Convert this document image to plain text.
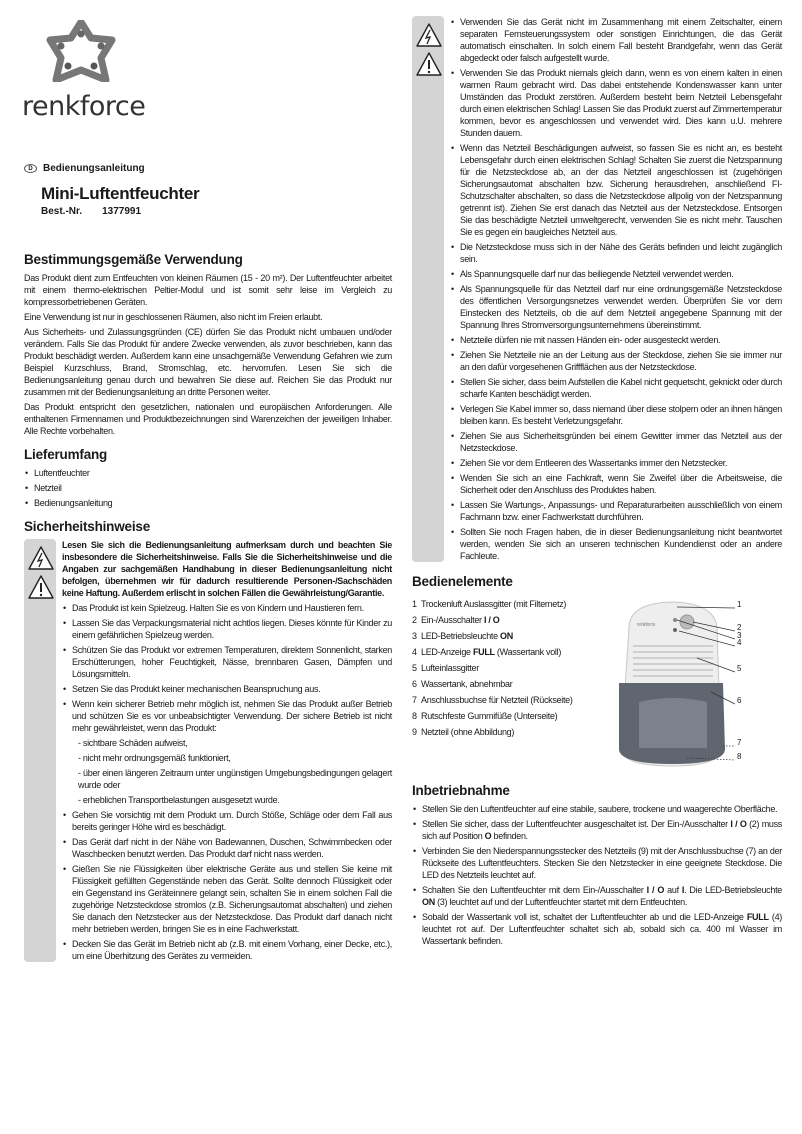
renkforce
D	Bedienungsanleitung
Mini-Luftentfeuchter
Best.-Nr. 1377991
Bestimmungsgemäße Verwendung

Das Produkt dient zum Entfeuchten von kleinen Räumen (15 - 20 m²). Der Luftentfeuchter arbeitet mit einem thermo-elektrischen Peltier-Modul und ist somit sehr leise im Vergleich zu kompressorbetriebenen Geräten.

Eine Verwendung ist nur in geschlossenen Räumen, also nicht im Freien erlaubt.

Aus Sicherheits- und Zulassungsgründen (CE) dürfen Sie das Produkt nicht umbauen und/oder verändern. Falls Sie das Produkt für andere Zwecke verwenden, als zuvor beschrieben, kann das Produkt beschädigt werden. Außerdem kann eine unsachgemäße Verwendung Gefahren wie zum Beispiel Kurzschluss, Brand, Stromschlag, etc. hervorrufen. Lesen Sie sich die Bedienungsanleitung genau durch und bewahren Sie diese auf. Reichen Sie das Produkt nur zusammen mit der Bedienungsanleitung an dritte Personen weiter.

Das Produkt entspricht den gesetzlichen, nationalen und europäischen Anforderungen. Alle enthaltenen Firmennamen und Produktbezeichnungen sind Warenzeichen der jeweiligen Inhaber. Alle Rechte vorbehalten.

Lieferumfang
• Luftentfeuchter
• Netzteil
• Bedienungsanleitung
Sicherheitshinweise
Lesen Sie sich die Bedienungsanleitung aufmerksam durch und beachten Sie insbesondere die Sicherheitshinweise. Falls Sie die Sicherheitshinweise und die Angaben zur sachgemäßen Handhabung in dieser Bedienungsanleitung nicht befolgen, übernehmen wir für dadurch resultierende Personen-/Sachschäden keine Haftung. Außerdem erlischt in solchen Fällen die Gewährleistung/Garantie.
• Das Produkt ist kein Spielzeug. Halten Sie es von Kindern und Haustieren fern.
• Lassen Sie das Verpackungsmaterial nicht achtlos liegen. Dieses könnte für Kinder zu einem gefährlichen Spielzeug werden.
• Schützen Sie das Produkt vor extremen Temperaturen, direktem Sonnenlicht, starken Erschütterungen, hoher Feuchtigkeit, Nässe, brennbaren Gasen, Dämpfen und Lösungsmitteln.
• Setzen Sie das Produkt keiner mechanischen Beanspruchung aus.
• Wenn kein sicherer Betrieb mehr möglich ist, nehmen Sie das Produkt außer Betrieb und schützen Sie es vor unbeabsichtigter Verwendung. Der sichere Betrieb ist nicht mehr gewährleistet, wenn das Produkt:
- sichtbare Schäden aufweist,
- nicht mehr ordnungsgemäß funktioniert,
- über einen längeren Zeitraum unter ungünstigen Umgebungsbedingungen gelagert wurde oder
- erheblichen Transportbelastungen ausgesetzt wurde.
• Gehen Sie vorsichtig mit dem Produkt um. Durch Stöße, Schläge oder dem Fall aus bereits geringer Höhe wird es beschädigt.
• Das Gerät darf nicht in der Nähe von Badewannen, Duschen, Schwimmbecken oder Waschbecken benutzt werden. Das Produkt darf nicht nass werden.
• Gießen Sie nie Flüssigkeiten über elektrische Geräte aus und stellen Sie keine mit Flüssigkeit gefüllten Gegenstände neben das Gerät. Sollte dennoch Flüssigkeit oder ein Gegenstand ins Geräteinnere gelangt sein, schalten Sie in einem solchen Fall die zugehörige Netzsteckdose stromlos (z.B. Sicherungsautomat abschalten) und ziehen Sie danach den Netzstecker aus der Netzsteckdose. Das Produkt darf danach nicht mehr betrieben werden, bringen Sie es in eine Fachwerkstatt.
• Decken Sie das Gerät im Betrieb nicht ab (z.B. mit einem Vorhang, einer Decke, etc.), um eine Überhitzung des Gerätes zu vermeiden.
• Verwenden Sie das Gerät nicht im Zusammenhang mit einem Zeitschalter, einem separaten Fernsteuerungssystem oder sonstigen Einrichtungen, die das Gerät automatisch einschalten. In solch einem Fall besteht Brandgefahr, wenn das Gerät abgedeckt oder falsch aufgestellt wurde.
• Verwenden Sie das Produkt niemals gleich dann, wenn es von einem kalten in einen warmen Raum gebracht wird. Das dabei entstehende Kondenswasser kann unter Umständen das Produkt zerstören. Außerdem besteht beim Netzteil Lebensgefahr durch einen elektrischen Schlag! Lassen Sie das Produkt zuerst auf Zimmertemperatur kommen, bevor es angeschlossen und verwendet wird. Dies kann u.U. mehrere Stunden dauern.
• Wenn das Netzteil Beschädigungen aufweist, so fassen Sie es nicht an, es besteht Lebensgefahr durch einen elektrischen Schlag! Schalten Sie zuerst die Netzspannung für die Netzsteckdose ab, an der das Netzteil angeschlossen ist (zugehörigen Sicherungsautomat abschalten bzw. Sicherung herausdrehen, anschließend FI-Schutzschalter abschalten, so dass die Netzsteckdose allpolig von der Netzspannung getrennt ist). Ziehen Sie erst danach das Netzteil aus der Netzsteckdose. Entsorgen Sie das beschädigte Netzteil umweltgerecht, verwenden Sie es nicht mehr. Tauschen Sie es gegen ein baugleiches Netzteil aus.
• Die Netzsteckdose muss sich in der Nähe des Geräts befinden und leicht zugänglich sein.
• Als Spannungsquelle darf nur das beiliegende Netzteil verwendet werden.
• Als Spannungsquelle für das Netzteil darf nur eine ordnungsgemäße Netzsteckdose des öffentlichen Versorgungsnetzes verwendet werden. Überprüfen Sie vor dem Einstecken des Netzteils, ob die auf dem Netzteil angegebene Spannung mit der Spannung Ihres Stromversorgungsunternehmens übereinstimmt.
• Netzteile dürfen nie mit nassen Händen ein- oder ausgesteckt werden.
• Ziehen Sie Netzteile nie an der Leitung aus der Steckdose, ziehen Sie sie immer nur an den dafür vorgesehenen Griffflächen aus der Netzsteckdose.
• Stellen Sie sicher, dass beim Aufstellen die Kabel nicht gequetscht, geknickt oder durch scharfe Kanten beschädigt werden.
• Verlegen Sie Kabel immer so, dass niemand über diese stolpern oder an ihnen hängen bleiben kann. Es besteht Verletzungsgefahr.
• Ziehen Sie aus Sicherheitsgründen bei einem Gewitter immer das Netzteil aus der Netzsteckdose.
• Ziehen Sie vor dem Entleeren des Wassertanks immer den Netzstecker.
• Wenden Sie sich an eine Fachkraft, wenn Sie Zweifel über die Arbeitsweise, die Sicherheit oder den Anschluss des Produktes haben.
• Lassen Sie Wartungs-, Anpassungs- und Reparaturarbeiten ausschließlich von einem Fachmann bzw. einer Fachwerkstatt durchführen.
• Sollten Sie noch Fragen haben, die in dieser Bedienungsanleitung nicht beantwortet werden, wenden Sie sich an unseren technischen Kundendienst oder an andere Fachleute.
Bedienelemente
1 Trockenluft Auslassgitter (mit Filternetz)
2 Ein-/Ausschalter I / O
3 LED-Betriebsleuchte ON
4 LED-Anzeige FULL (Wassertank voll)
5 Lufteinlassgitter
6 Wassertank, abnehmbar
7 Anschlussbuchse für Netzteil (Rückseite)
8 Rutschfeste Gummifüße (Unterseite)
9 Netzteil (ohne Abbildung)
renkforce
1
2
3
4
5
6
7
8
Inbetriebnahme
• Stellen Sie den Luftentfeuchter auf eine stabile, saubere, trockene und waagerechte Oberfläche.
• Stellen Sie sicher, dass der Luftentfeuchter ausgeschaltet ist. Der Ein-/Ausschalter I / O (2) muss sich auf Position O befinden.
• Verbinden Sie den Niederspannungsstecker des Netzteils (9) mit der Anschlussbuchse (7) an der Rückseite des Luftentfeuchters. Stecken Sie den Netzstecker in eine geeignete Steckdose. Die LED des Netzteils leuchtet auf.
• Schalten Sie den Luftentfeuchter mit dem Ein-/Ausschalter I / O auf I. Die LED-Betriebsleuchte ON (3) leuchtet auf und der Luftentfeuchter startet mit dem Entfeuchten.
• Sobald der Wassertank voll ist, schaltet der Luftentfeuchter ab und die LED-Anzeige FULL (4) leuchtet rot auf. Der Luftentfeuchter schaltet sich ab, sobald sich ca. 400 ml Wasser im Wassertank befinden.
